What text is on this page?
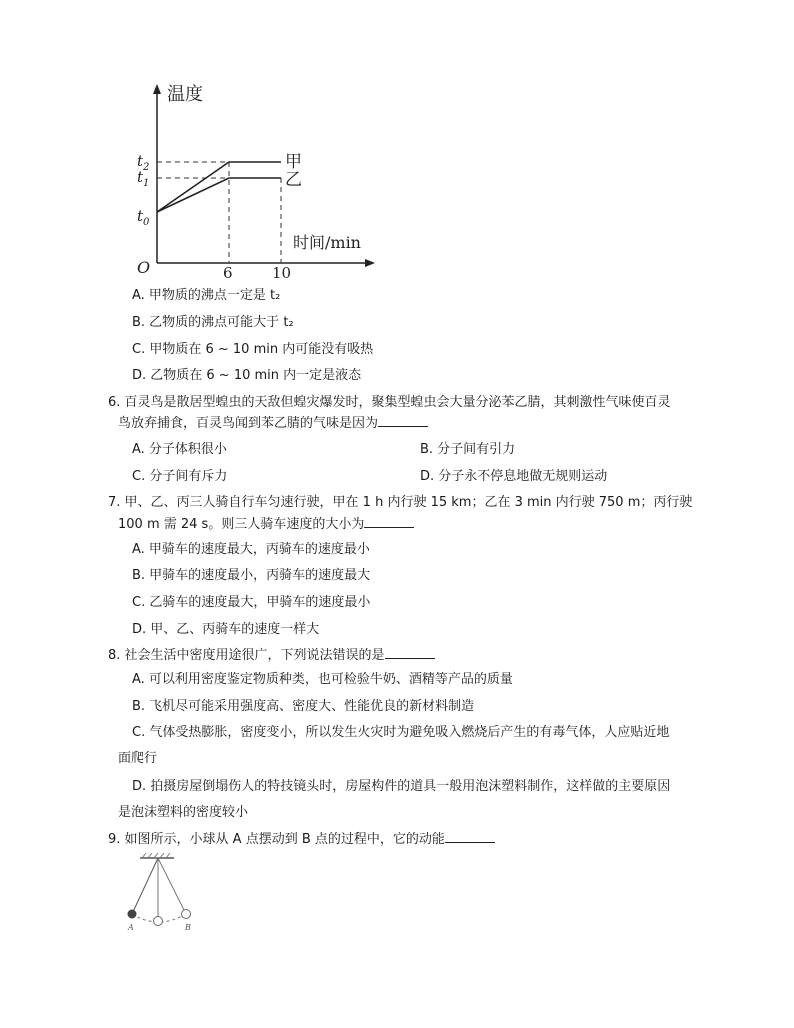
温度
时间/min
O
$t_2$
$t_1$
$t_0$
甲
乙
6	10
A. 甲物质的沸点一定是 t₂
B. 乙物质的沸点可能大于 t₂
C. 甲物质在 6 ~ 10 min 内可能没有吸热
D. 乙物质在 6 ~ 10 min 内一定是液态
6. 百灵鸟是散居型蝗虫的天敌但蝗灾爆发时，聚集型蝗虫会大量分泌苯乙腈，其刺激性气味使百灵
鸟放弃捕食，百灵鸟闻到苯乙腈的气味是因为
A. 分子体积很小	B. 分子间有引力
C. 分子间有斥力	D. 分子永不停息地做无规则运动
7. 甲、乙、丙三人骑自行车匀速行驶，甲在 1 h 内行驶 15 km；乙在 3 min 内行驶 750 m；丙行驶
100 m 需 24 s。则三人骑车速度的大小为
A. 甲骑车的速度最大，丙骑车的速度最小
B. 甲骑车的速度最小，丙骑车的速度最大
C. 乙骑车的速度最大，甲骑车的速度最小
D. 甲、乙、丙骑车的速度一样大
8. 社会生活中密度用途很广，下列说法错误的是
A. 可以利用密度鉴定物质种类，也可检验牛奶、酒精等产品的质量
B. 飞机尽可能采用强度高、密度大、性能优良的新材料制造
C. 气体受热膨胀，密度变小，所以发生火灾时为避免吸入燃烧后产生的有毒气体，人应贴近地
面爬行
D. 拍摄房屋倒塌伤人的特技镜头时，房屋构件的道具一般用泡沫塑料制作，这样做的主要原因
是泡沫塑料的密度较小
9. 如图所示，小球从 A 点摆动到 B 点的过程中，它的动能
A	B
